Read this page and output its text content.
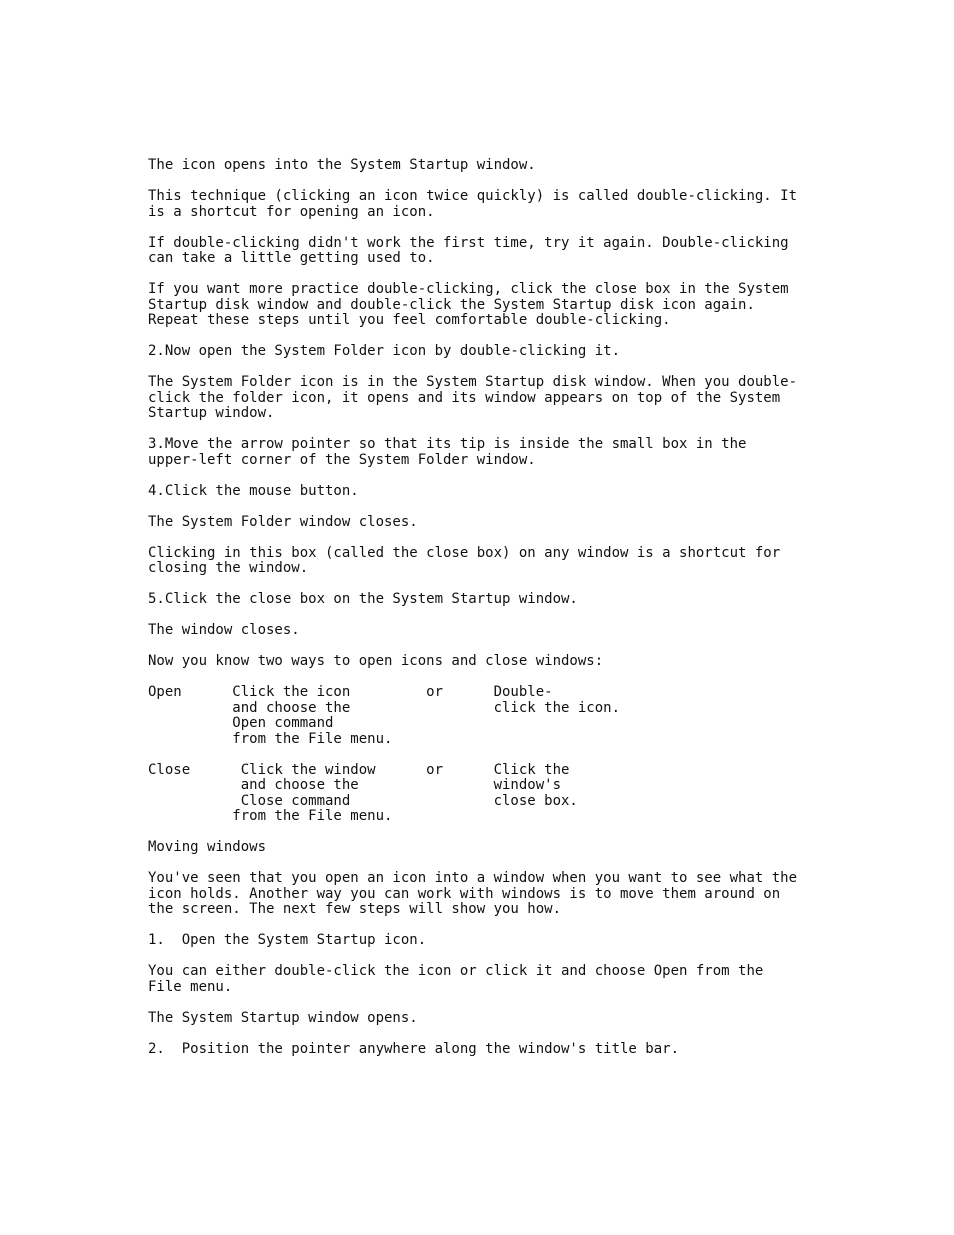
The icon opens into the System Startup window.

This technique (clicking an icon twice quickly) is called double-clicking. It
is a shortcut for opening an icon.

If double-clicking didn't work the first time, try it again. Double-clicking
can take a little getting used to.

If you want more practice double-clicking, click the close box in the System
Startup disk window and double-click the System Startup disk icon again.
Repeat these steps until you feel comfortable double-clicking.

2.Now open the System Folder icon by double-clicking it.

The System Folder icon is in the System Startup disk window. When you double-
click the folder icon, it opens and its window appears on top of the System
Startup window.

3.Move the arrow pointer so that its tip is inside the small box in the
upper-left corner of the System Folder window.

4.Click the mouse button.

The System Folder window closes.

Clicking in this box (called the close box) on any window is a shortcut for
closing the window.

5.Click the close box on the System Startup window.

The window closes.

Now you know two ways to open icons and close windows:

Open      Click the icon         or      Double-
and choose the                 click the icon.
Open command
from the File menu.

Close      Click the window      or      Click the
and choose the                window's
Close command                 close box.
from the File menu.

Moving windows

You've seen that you open an icon into a window when you want to see what the
icon holds. Another way you can work with windows is to move them around on
the screen. The next few steps will show you how.

1.  Open the System Startup icon.

You can either double-click the icon or click it and choose Open from the
File menu.

The System Startup window opens.

2.  Position the pointer anywhere along the window's title bar.
